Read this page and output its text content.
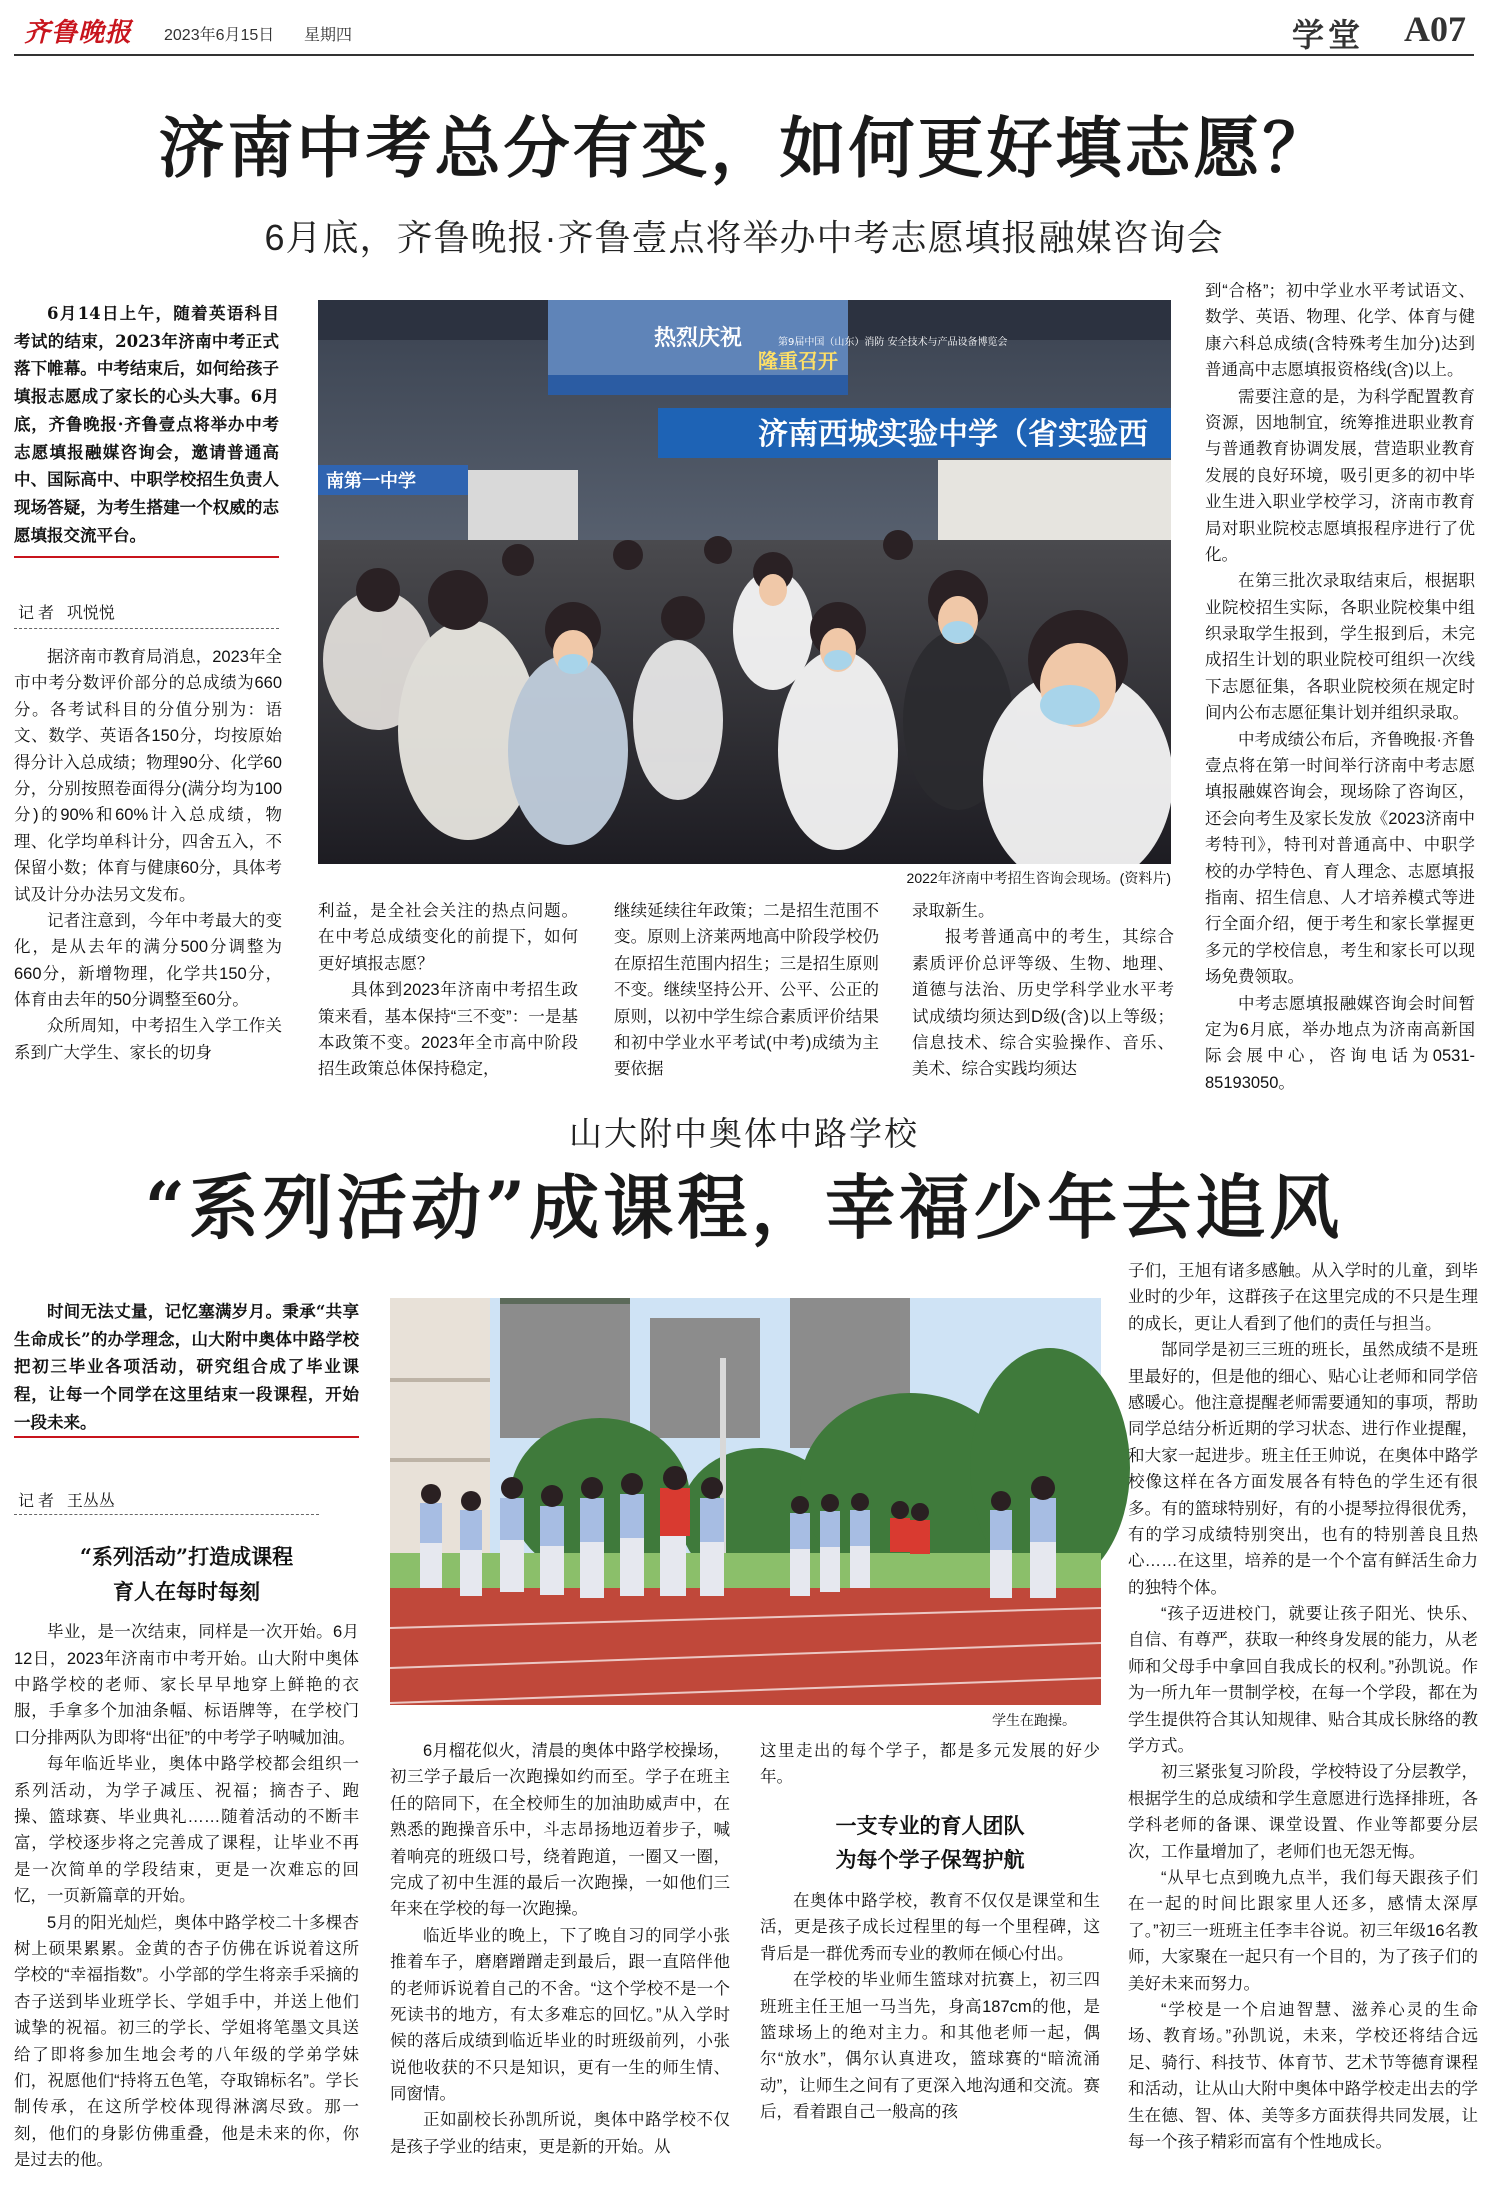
齐鲁晚报 2023年6月15日 星期四	学堂 A07
济南中考总分有变，如何更好填志愿？
6月底，齐鲁晚报·齐鲁壹点将举办中考志愿填报融媒咨询会

6月14日上午，随着英语科目考试的结束，2023年济南中考正式落下帷幕。中考结束后，如何给孩子填报志愿成了家长的心头大事。6月底，齐鲁晚报·齐鲁壹点将举办中考志愿填报融媒咨询会，邀请普通高中、国际高中、中职学校招生负责人现场答疑，为考生搭建一个权威的志愿填报交流平台。

记者 巩悦悦

据济南市教育局消息，2023年全市中考分数评价部分的总成绩为660分。各考试科目的分值分别为：语文、数学、英语各150分，均按原始得分计入总成绩；物理90分、化学60分，分别按照卷面得分(满分均为100分)的90%和60%计入总成绩，物理、化学均单科计分，四舍五入，不保留小数；体育与健康60分，具体考试及计分办法另文发布。

记者注意到，今年中考最大的变化，是从去年的满分500分调整为660分，新增物理，化学共150分，体育由去年的50分调整至60分。

众所周知，中考招生入学工作关系到广大学生、家长的切身

热烈庆祝	第9届中国（山东）消防 安全技术与产品设备博览会
隆重召开
济南西城实验中学（省实验西
南第一中学
2022年济南中考招生咨询会现场。(资料片)

利益，是全社会关注的热点问题。在中考总成绩变化的前提下，如何更好填报志愿？

具体到2023年济南中考招生政策来看，基本保持“三不变”：一是基本政策不变。2023年全市高中阶段招生政策总体保持稳定，

继续延续往年政策；二是招生范围不变。原则上济莱两地高中阶段学校仍在原招生范围内招生；三是招生原则不变。继续坚持公开、公平、公正的原则，以初中学生综合素质评价结果和初中学业水平考试(中考)成绩为主要依据

录取新生。

报考普通高中的考生，其综合素质评价总评等级、生物、地理、道德与法治、历史学科学业水平考试成绩均须达到D级(含)以上等级；信息技术、综合实验操作、音乐、美术、综合实践均须达

到“合格”；初中学业水平考试语文、数学、英语、物理、化学、体育与健康六科总成绩(含特殊考生加分)达到普通高中志愿填报资格线(含)以上。

需要注意的是，为科学配置教育资源，因地制宜，统筹推进职业教育与普通教育协调发展，营造职业教育发展的良好环境，吸引更多的初中毕业生进入职业学校学习，济南市教育局对职业院校志愿填报程序进行了优化。

在第三批次录取结束后，根据职业院校招生实际，各职业院校集中组织录取学生报到，学生报到后，未完成招生计划的职业院校可组织一次线下志愿征集，各职业院校须在规定时间内公布志愿征集计划并组织录取。

中考成绩公布后，齐鲁晚报·齐鲁壹点将在第一时间举行济南中考志愿填报融媒咨询会，现场除了咨询区，还会向考生及家长发放《2023济南中考特刊》，特刊对普通高中、中职学校的办学特色、育人理念、志愿填报指南、招生信息、人才培养模式等进行全面介绍，便于考生和家长掌握更多元的学校信息，考生和家长可以现场免费领取。

中考志愿填报融媒咨询会时间暂定为6月底，举办地点为济南高新国际会展中心，咨询电话为0531-85193050。

山大附中奥体中路学校
“系列活动”成课程，幸福少年去追风

时间无法丈量，记忆塞满岁月。秉承“共享生命成长”的办学理念，山大附中奥体中路学校把初三毕业各项活动，研究组合成了毕业课程，让每一个同学在这里结束一段课程，开始一段未来。

记者 王丛丛
“系列活动”打造成课程
育人在每时每刻

毕业，是一次结束，同样是一次开始。6月12日，2023年济南市中考开始。山大附中奥体中路学校的老师、家长早早地穿上鲜艳的衣服，手拿多个加油条幅、标语牌等，在学校门口分排两队为即将“出征”的中考学子呐喊加油。

每年临近毕业，奥体中路学校都会组织一系列活动，为学子减压、祝福；摘杏子、跑操、篮球赛、毕业典礼……随着活动的不断丰富，学校逐步将之完善成了课程，让毕业不再是一次简单的学段结束，更是一次难忘的回忆，一页新篇章的开始。

5月的阳光灿烂，奥体中路学校二十多棵杏树上硕果累累。金黄的杏子仿佛在诉说着这所学校的“幸福指数”。小学部的学生将亲手采摘的杏子送到毕业班学长、学姐手中，并送上他们诚挚的祝福。初三的学长、学姐将笔墨文具送给了即将参加生地会考的八年级的学弟学妹们，祝愿他们“持将五色笔，夺取锦标名”。学长制传承，在这所学校体现得淋漓尽致。那一刻，他们的身影仿佛重叠，他是未来的你，你是过去的他。

学生在跑操。

6月榴花似火，清晨的奥体中路学校操场，初三学子最后一次跑操如约而至。学子在班主任的陪同下，在全校师生的加油助威声中，在熟悉的跑操音乐中，斗志昂扬地迈着步子，喊着响亮的班级口号，绕着跑道，一圈又一圈，完成了初中生涯的最后一次跑操，一如他们三年来在学校的每一次跑操。

临近毕业的晚上，下了晚自习的同学小张推着车子，磨磨蹭蹭走到最后，跟一直陪伴他的老师诉说着自己的不舍。“这个学校不是一个死读书的地方，有太多难忘的回忆。”从入学时候的落后成绩到临近毕业的时班级前列，小张说他收获的不只是知识，更有一生的师生情、同窗情。

正如副校长孙凯所说，奥体中路学校不仅是孩子学业的结束，更是新的开始。从

这里走出的每个学子，都是多元发展的好少年。

一支专业的育人团队
为每个学子保驾护航

在奥体中路学校，教育不仅仅是课堂和生活，更是孩子成长过程里的每一个里程碑，这背后是一群优秀而专业的教师在倾心付出。

在学校的毕业师生篮球对抗赛上，初三四班班主任王旭一马当先，身高187cm的他，是篮球场上的绝对主力。和其他老师一起，偶尔“放水”，偶尔认真进攻，篮球赛的“暗流涌动”，让师生之间有了更深入地沟通和交流。赛后，看着跟自己一般高的孩

子们，王旭有诸多感触。从入学时的儿童，到毕业时的少年，这群孩子在这里完成的不只是生理的成长，更让人看到了他们的责任与担当。

郜同学是初三三班的班长，虽然成绩不是班里最好的，但是他的细心、贴心让老师和同学倍感暖心。他注意提醒老师需要通知的事项，帮助同学总结分析近期的学习状态、进行作业提醒，和大家一起进步。班主任王帅说，在奥体中路学校像这样在各方面发展各有特色的学生还有很多。有的篮球特别好，有的小提琴拉得很优秀，有的学习成绩特别突出，也有的特别善良且热心……在这里，培养的是一个个富有鲜活生命力的独特个体。

“孩子迈进校门，就要让孩子阳光、快乐、自信、有尊严，获取一种终身发展的能力，从老师和父母手中拿回自我成长的权利。”孙凯说。作为一所九年一贯制学校，在每一个学段，都在为学生提供符合其认知规律、贴合其成长脉络的教学方式。

初三紧张复习阶段，学校特设了分层教学，根据学生的总成绩和学生意愿进行选择排班，各学科老师的备课、课堂设置、作业等都要分层次，工作量增加了，老师们也无怨无悔。

“从早七点到晚九点半，我们每天跟孩子们在一起的时间比跟家里人还多，感情太深厚了。”初三一班班主任李丰谷说。初三年级16名教师，大家聚在一起只有一个目的，为了孩子们的美好未来而努力。

“学校是一个启迪智慧、滋养心灵的生命场、教育场。”孙凯说，未来，学校还将结合远足、骑行、科技节、体育节、艺术节等德育课程和活动，让从山大附中奥体中路学校走出去的学生在德、智、体、美等多方面获得共同发展，让每一个孩子精彩而富有个性地成长。
